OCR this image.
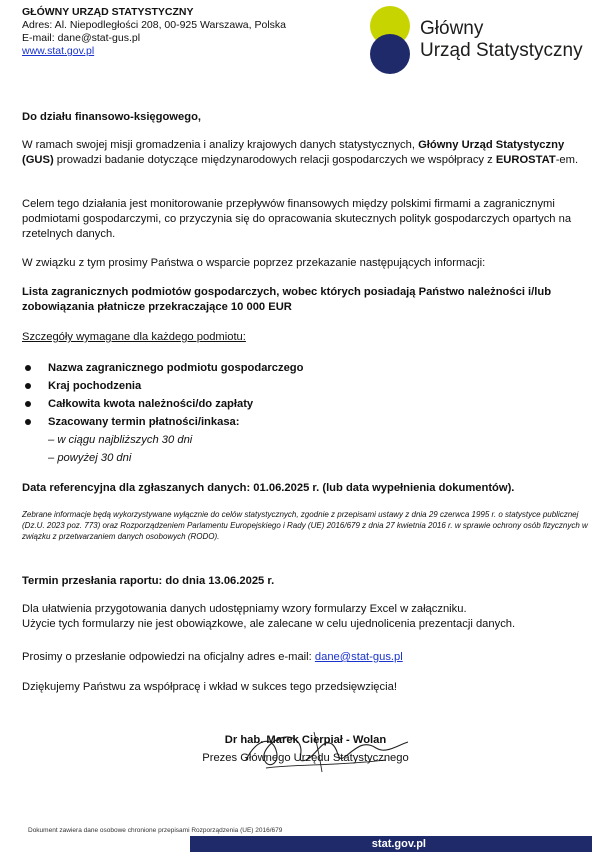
GŁÓWNY URZĄD STATYSTYCZNY
Adres: Al. Niepodległości 208, 00-925 Warszawa, Polska
E-mail: dane@stat-gus.pl
www.stat.gov.pl
Główny
Urząd Statystyczny

Do działu finansowo-księgowego,

W ramach swojej misji gromadzenia i analizy krajowych danych statystycznych, Główny Urząd Statystyczny (GUS) prowadzi badanie dotyczące międzynarodowych relacji gospodarczych we współpracy z EUROSTAT-em.

Celem tego działania jest monitorowanie przepływów finansowych między polskimi firmami a zagranicznymi podmiotami gospodarczymi, co przyczynia się do opracowania skutecznych polityk gospodarczych opartych na rzetelnych danych.

W związku z tym prosimy Państwa o wsparcie poprzez przekazanie następujących informacji:

Lista zagranicznych podmiotów gospodarczych, wobec których posiadają Państwo należności i/lub zobowiązania płatnicze przekraczające 10 000 EUR

Szczegóły wymagane dla każdego podmiotu:

Nazwa zagranicznego podmiotu gospodarczego
Kraj pochodzenia
Całkowita kwota należności/do zapłaty
Szacowany termin płatności/inkasa:
– w ciągu najbliższych 30 dni
– powyżej 30 dni

Data referencyjna dla zgłaszanych danych: 01.06.2025 r. (lub data wypełnienia dokumentów).

Zebrane informacje będą wykorzystywane wyłącznie do celów statystycznych, zgodnie z przepisami ustawy z dnia 29 czerwca 1995 r. o statystyce publicznej (Dz.U. 2023 poz. 773) oraz Rozporządzeniem Parlamentu Europejskiego i Rady (UE) 2016/679 z dnia 27 kwietnia 2016 r. w sprawie ochrony osób fizycznych w związku z przetwarzaniem danych osobowych (RODO).

Termin przesłania raportu: do dnia 13.06.2025 r.

Dla ułatwienia przygotowania danych udostępniamy wzory formularzy Excel w załączniku.

Użycie tych formularzy nie jest obowiązkowe, ale zalecane w celu ujednolicenia prezentacji danych.

Prosimy o przesłanie odpowiedzi na oficjalny adres e-mail: dane@stat-gus.pl

Dziękujemy Państwu za współpracę i wkład w sukces tego przedsięwzięcia!

Dr hab. Marek Cierpiał - Wolan
Prezes Głównego Urzędu Statystycznego
Dokument zawiera dane osobowe chronione przepisami Rozporządzenia (UE) 2016/679
stat.gov.pl
